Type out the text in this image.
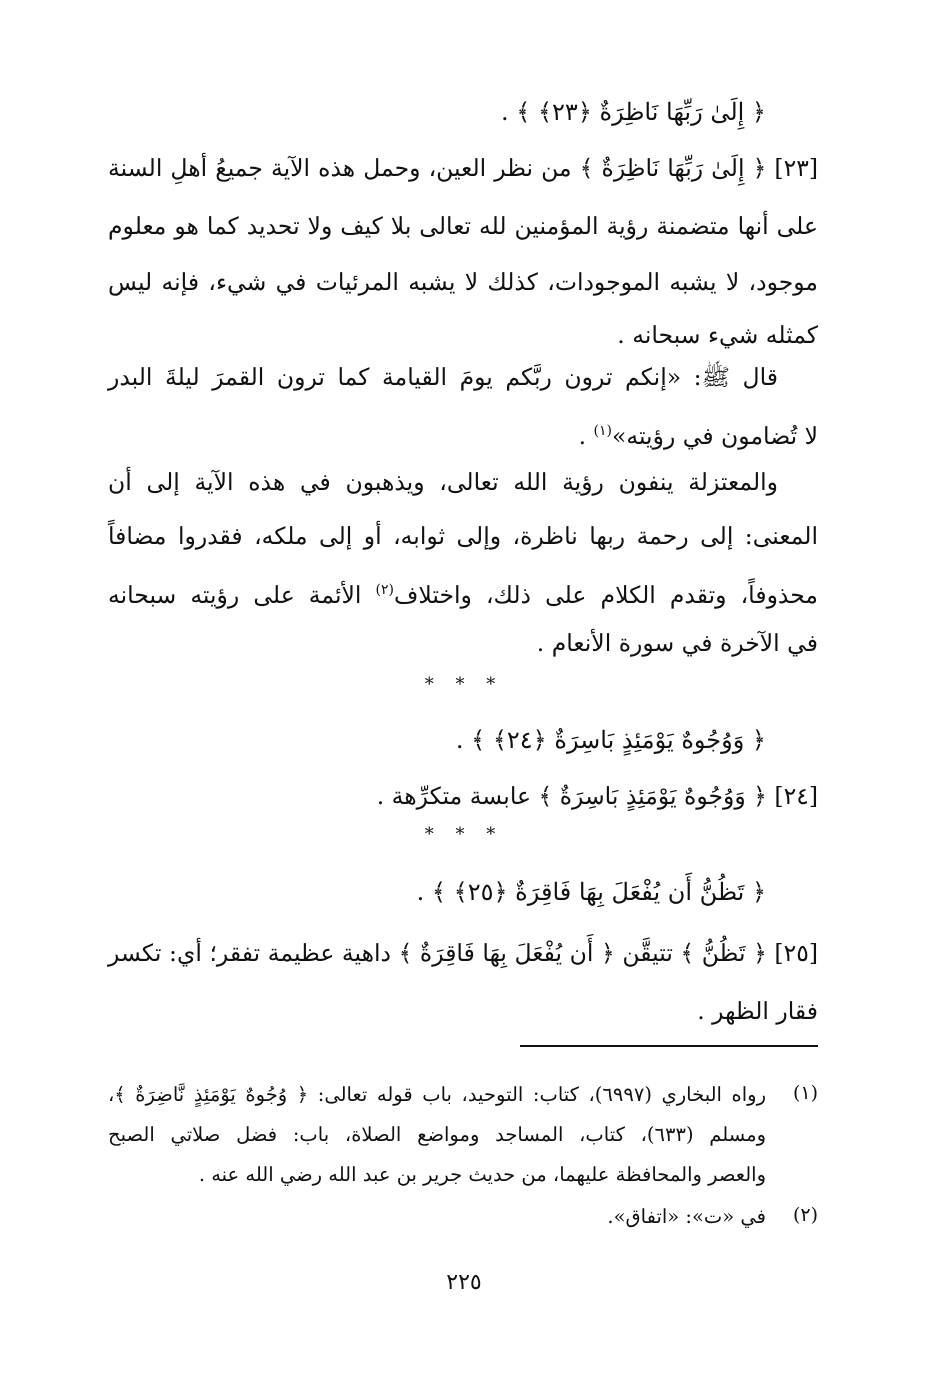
﴿ إِلَىٰ رَبِّهَا نَاظِرَةٌ ﴿٢٣﴾ ﴾ .
[٢٣] ﴿ إِلَىٰ رَبِّهَا نَاظِرَةٌ ﴾ من نظر العين، وحمل هذه الآية جميعُ أهلِ السنة
على أنها متضمنة رؤية المؤمنين لله تعالى بلا كيف ولا تحديد كما هو معلوم
موجود، لا يشبه الموجودات، كذلك لا يشبه المرئيات في شيء، فإنه ليس
كمثله شيء سبحانه .
قال ﷺ: «إنكم ترون ربَّكم يومَ القيامة كما ترون القمرَ ليلةَ البدر
لا تُضامون في رؤيته»$^{(١)}$ .
والمعتزلة ينفون رؤية الله تعالى، ويذهبون في هذه الآية إلى أن
المعنى: إلى رحمة ربها ناظرة، وإلى ثوابه، أو إلى ملكه، فقدروا مضافاً
محذوفاً، وتقدم الكلام على ذلك، واختلاف$^{(٢)}$ الأئمة على رؤيته سبحانه
في الآخرة في سورة الأنعام .
* * *
﴿ وَوُجُوهٌ يَوْمَئِذٍ بَاسِرَةٌ ﴿٢٤﴾ ﴾ .
[٢٤] ﴿ وَوُجُوهٌ يَوْمَئِذٍ بَاسِرَةٌ ﴾ عابسة متكرِّهة .
* * *
﴿ تَظُنُّ أَن يُفْعَلَ بِهَا فَاقِرَةٌ ﴿٢٥﴾ ﴾ .
[٢٥] ﴿ تَظُنُّ ﴾ تتيقَّن ﴿ أَن يُفْعَلَ بِهَا فَاقِرَةٌ ﴾ داهية عظيمة تفقر؛ أي: تكسر
فقار الظهر .
(١)
رواه البخاري (٦٩٩٧)، كتاب: التوحيد، باب قوله تعالى: ﴿ وُجُوهٌ يَوْمَئِذٍ نَّاضِرَةٌ ﴾،
ومسلم (٦٣٣)، كتاب، المساجد ومواضع الصلاة، باب: فضل صلاتي الصبح
والعصر والمحافظة عليهما، من حديث جرير بن عبد الله رضي الله عنه .
(٢)
في «ت»: «اتفاق».
٢٢٥
